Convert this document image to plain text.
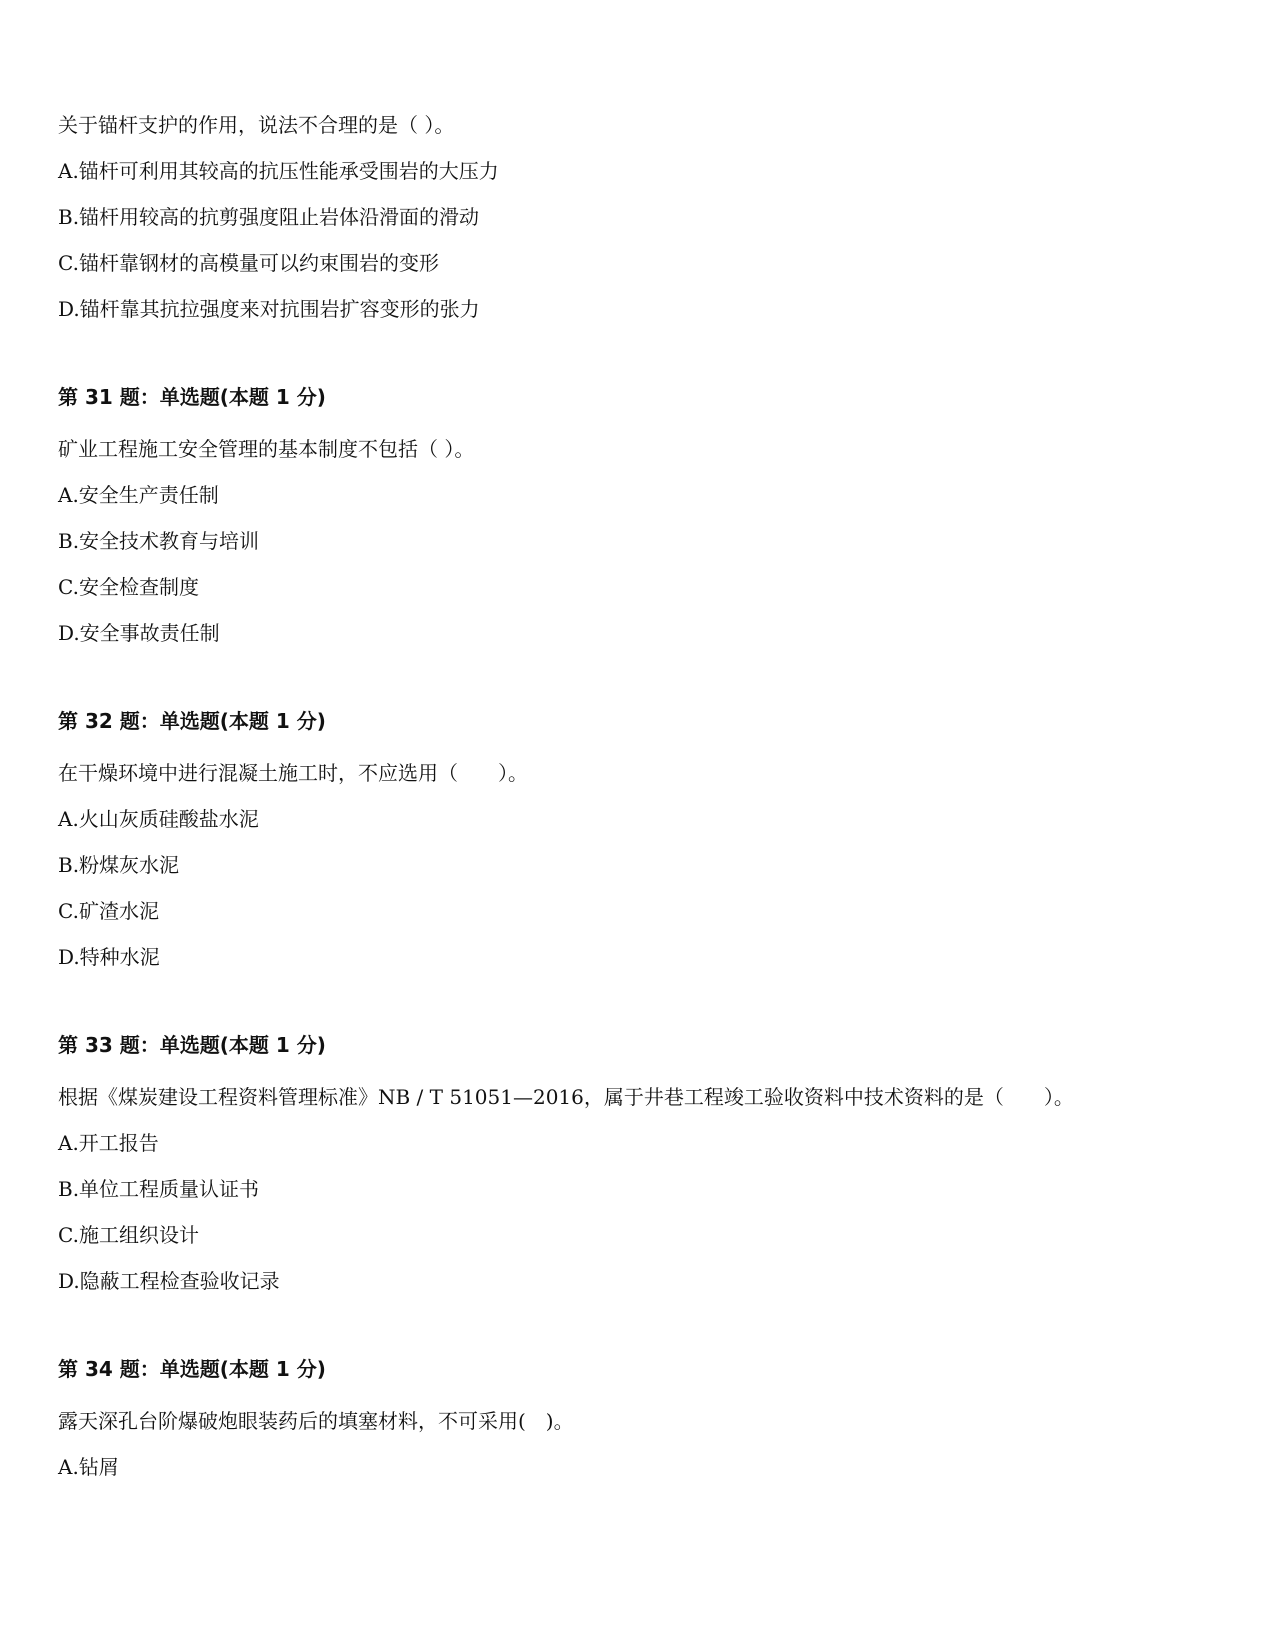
关于锚杆支护的作用，说法不合理的是（ ）。

A.锚杆可利用其较高的抗压性能承受围岩的大压力

B.锚杆用较高的抗剪强度阻止岩体沿滑面的滑动

C.锚杆靠钢材的高模量可以约束围岩的变形

D.锚杆靠其抗拉强度来对抗围岩扩容变形的张力

第 31 题：单选题(本题 1 分)

矿业工程施工安全管理的基本制度不包括（ ）。

A.安全生产责任制

B.安全技术教育与培训

C.安全检查制度

D.安全事故责任制

第 32 题：单选题(本题 1 分)

在干燥环境中进行混凝土施工时，不应选用（　　）。

A.火山灰质硅酸盐水泥

B.粉煤灰水泥

C.矿渣水泥

D.特种水泥

第 33 题：单选题(本题 1 分)

根据《煤炭建设工程资料管理标准》NB / T 51051—2016，属于井巷工程竣工验收资料中技术资料的是（　　）。

A.开工报告

B.单位工程质量认证书

C.施工组织设计

D.隐蔽工程检查验收记录

第 34 题：单选题(本题 1 分)

露天深孔台阶爆破炮眼装药后的填塞材料，不可采用(　)。

A.钻屑
